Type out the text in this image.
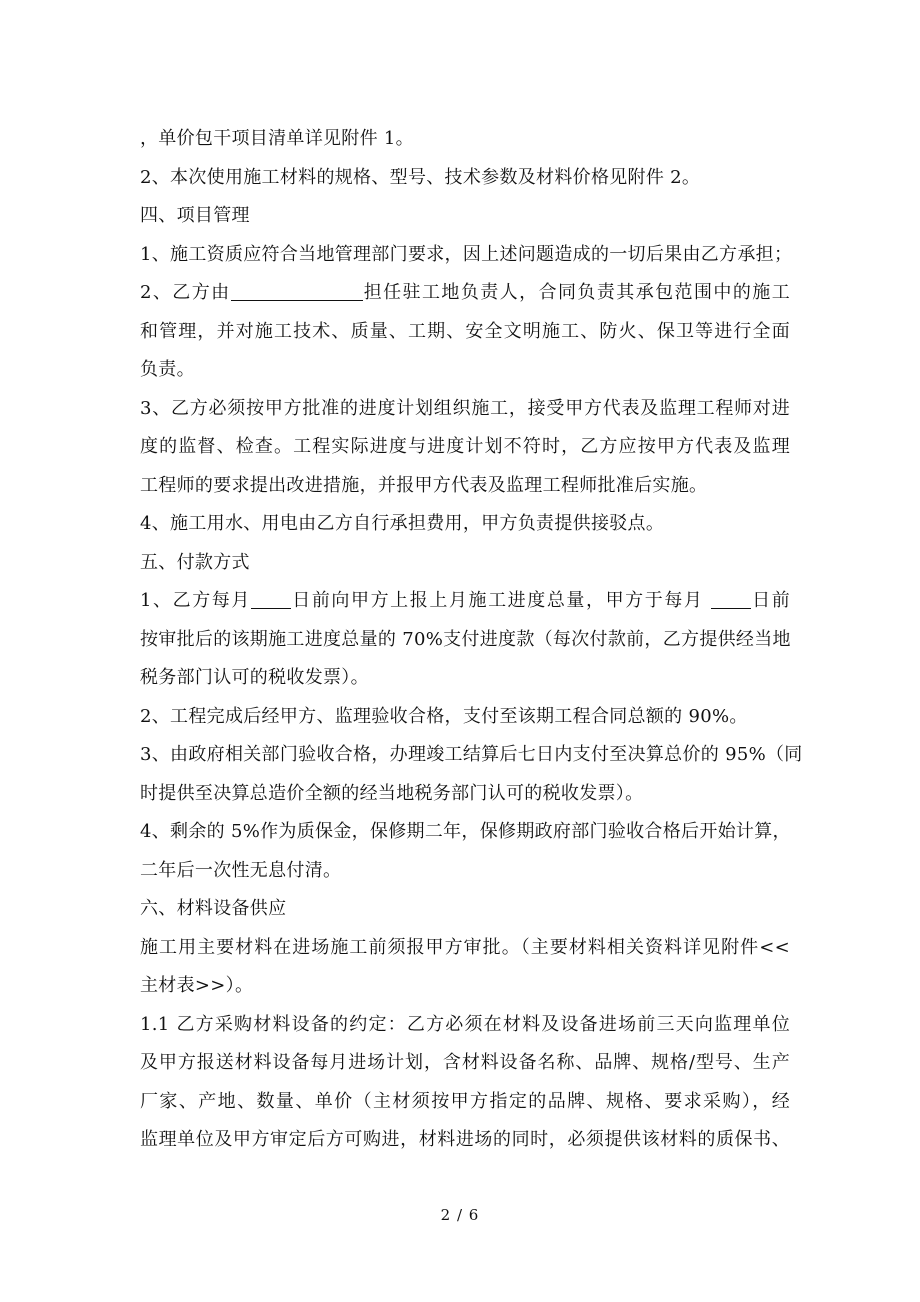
，单价包干项目清单详见附件 1。
2、本次使用施工材料的规格、型号、技术参数及材料价格见附件 2。
四、项目管理
1、施工资质应符合当地管理部门要求，因上述问题造成的一切后果由乙方承担；
2、乙方由	担任驻工地负责人，合同负责其承包范围中的施工
和管理，并对施工技术、质量、工期、安全文明施工、防火、保卫等进行全面
负责。
3、乙方必须按甲方批准的进度计划组织施工，接受甲方代表及监理工程师对进
度的监督、检查。工程实际进度与进度计划不符时，乙方应按甲方代表及监理
工程师的要求提出改进措施，并报甲方代表及监理工程师批准后实施。
4、施工用水、用电由乙方自行承担费用，甲方负责提供接驳点。
五、付款方式
1、乙方每月 日前向甲方上报上月施工进度总量，甲方于每月 日前
按审批后的该期施工进度总量的 70%支付进度款（每次付款前，乙方提供经当地
税务部门认可的税收发票）。
2、工程完成后经甲方、监理验收合格，支付至该期工程合同总额的 90%。
3、由政府相关部门验收合格，办理竣工结算后七日内支付至决算总价的 95%（同
时提供至决算总造价全额的经当地税务部门认可的税收发票）。
4、剩余的 5%作为质保金，保修期二年，保修期政府部门验收合格后开始计算，
二年后一次性无息付清。
六、材料设备供应
施工用主要材料在进场施工前须报甲方审批。（主要材料相关资料详见附件<<
主材表>>）。
1.1 乙方采购材料设备的约定：乙方必须在材料及设备进场前三天向监理单位
及甲方报送材料设备每月进场计划，含材料设备名称、品牌、规格/型号、生产
厂家、产地、数量、单价（主材须按甲方指定的品牌、规格、要求采购），经
监理单位及甲方审定后方可购进，材料进场的同时，必须提供该材料的质保书、
2 / 6
